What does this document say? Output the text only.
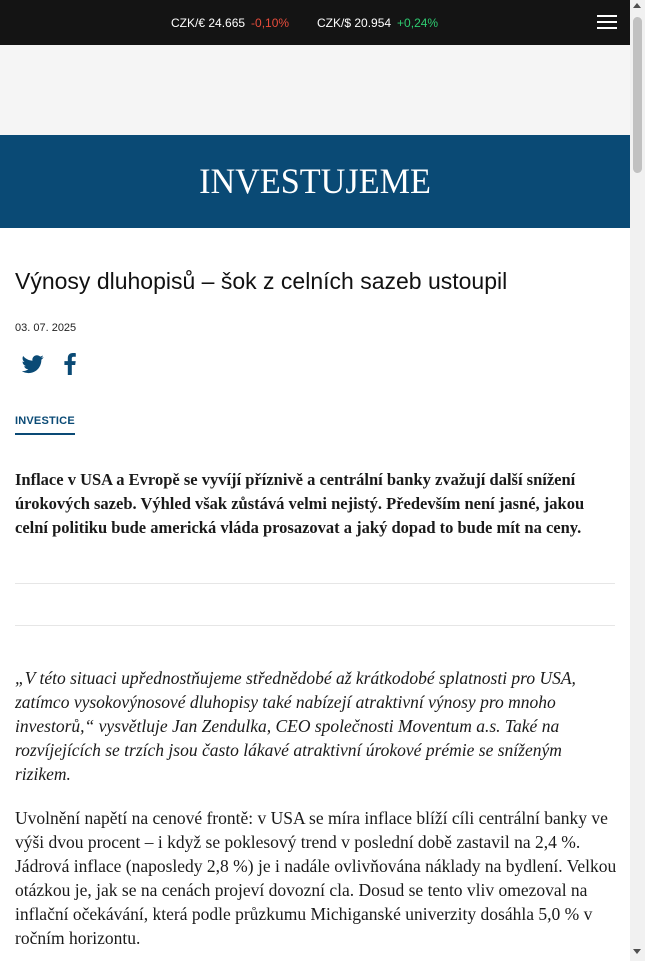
CZK/€ 24.665 -0,10% CZK/$ 20.954 +0,24%
INVESTUJEME
Výnosy dluhopisů – šok z celních sazeb ustoupil
03. 07. 2025
INVESTICE

Inflace v USA a Evropě se vyvíjí příznivě a centrální banky zvažují další snížení úrokových sazeb. Výhled však zůstává velmi nejistý. Především není jasné, jakou celní politiku bude americká vláda prosazovat a jaký dopad to bude mít na ceny.

„V této situaci upřednostňujeme střednědobé až krátkodobé splatnosti pro USA, zatímco vysokovýnosové dluhopisy také nabízejí atraktivní výnosy pro mnoho investorů,“ vysvětluje Jan Zendulka, CEO společnosti Moventum a.s. Také na rozvíjejících se trzích jsou často lákavé atraktivní úrokové prémie se sníženým rizikem.

Uvolnění napětí na cenové frontě: v USA se míra inflace blíží cíli centrální banky ve výši dvou procent – i když se poklesový trend v poslední době zastavil na 2,4 %. Jádrová inflace (naposledy 2,8 %) je i nadále ovlivňována náklady na bydlení. Velkou otázkou je, jak se na cenách projeví dovozní cla. Dosud se tento vliv omezoval na inflační očekávání, která podle průzkumu Michiganské univerzity dosáhla 5,0 % v ročním horizontu.
